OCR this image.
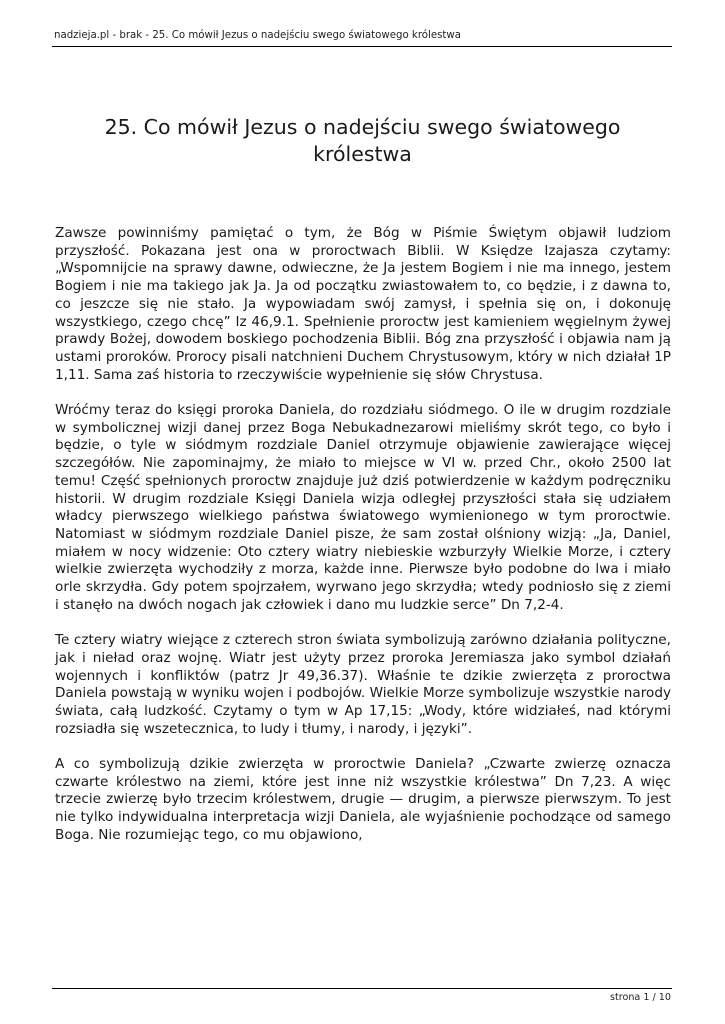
nadzieja.pl - brak - 25. Co mówił Jezus o nadejściu swego światowego królestwa
25. Co mówił Jezus o nadejściu swego światowego królestwa

Zawsze powinniśmy pamiętać o tym, że Bóg w Piśmie Świętym objawił ludziom przyszłość. Pokazana jest ona w proroctwach Biblii. W Księdze Izajasza czytamy: „Wspomnijcie na sprawy dawne, odwieczne, że Ja jestem Bogiem i nie ma innego, jestem Bogiem i nie ma takiego jak Ja. Ja od początku zwiastowałem to, co będzie, i z dawna to, co jeszcze się nie stało. Ja wypowiadam swój zamysł, i spełnia się on, i dokonuję wszystkiego, czego chcę” Iz 46,9.1. Spełnienie proroctw jest kamieniem węgielnym żywej prawdy Bożej, dowodem boskiego pochodzenia Biblii. Bóg zna przyszłość i objawia nam ją ustami proroków. Prorocy pisali natchnieni Duchem Chrystusowym, który w nich działał 1P 1,11. Sama zaś historia to rzeczywiście wypełnienie się słów Chrystusa.

Wróćmy teraz do księgi proroka Daniela, do rozdziału siódmego. O ile w drugim rozdziale w symbolicznej wizji danej przez Boga Nebukadnezarowi mieliśmy skrót tego, co było i będzie, o tyle w siódmym rozdziale Daniel otrzymuje objawienie zawierające więcej szczegółów. Nie zapominajmy, że miało to miejsce w VI w. przed Chr., około 2500 lat temu! Część spełnionych proroctw znajduje już dziś potwierdzenie w każdym podręczniku historii. W drugim rozdziale Księgi Daniela wizja odległej przyszłości stała się udziałem władcy pierwszego wielkiego państwa światowego wymienionego w tym proroctwie. Natomiast w siódmym rozdziale Daniel pisze, że sam został olśniony wizją: „Ja, Daniel, miałem w nocy widzenie: Oto cztery wiatry niebieskie wzburzyły Wielkie Morze, i cztery wielkie zwierzęta wychodziły z morza, każde inne. Pierwsze było podobne do lwa i miało orle skrzydła. Gdy potem spojrzałem, wyrwano jego skrzydła; wtedy podniosło się z ziemi i stanęło na dwóch nogach jak człowiek i dano mu ludzkie serce” Dn 7,2-4.

Te cztery wiatry wiejące z czterech stron świata symbolizują zarówno działania polityczne, jak i nieład oraz wojnę. Wiatr jest użyty przez proroka Jeremiasza jako symbol działań wojennych i konfliktów (patrz Jr 49,36.37). Właśnie te dzikie zwierzęta z proroctwa Daniela powstają w wyniku wojen i podbojów. Wielkie Morze symbolizuje wszystkie narody świata, całą ludzkość. Czytamy o tym w Ap 17,15: „Wody, które widziałeś, nad którymi rozsiadła się wszetecznica, to ludy i tłumy, i narody, i języki”.

A co symbolizują dzikie zwierzęta w proroctwie Daniela? „Czwarte zwierzę oznacza czwarte królestwo na ziemi, które jest inne niż wszystkie królestwa” Dn 7,23. A więc trzecie zwierzę było trzecim królestwem, drugie — drugim, a pierwsze pierwszym. To jest nie tylko indywidualna interpretacja wizji Daniela, ale wyjaśnienie pochodzące od samego Boga. Nie rozumiejąc tego, co mu objawiono,

strona 1 / 10
